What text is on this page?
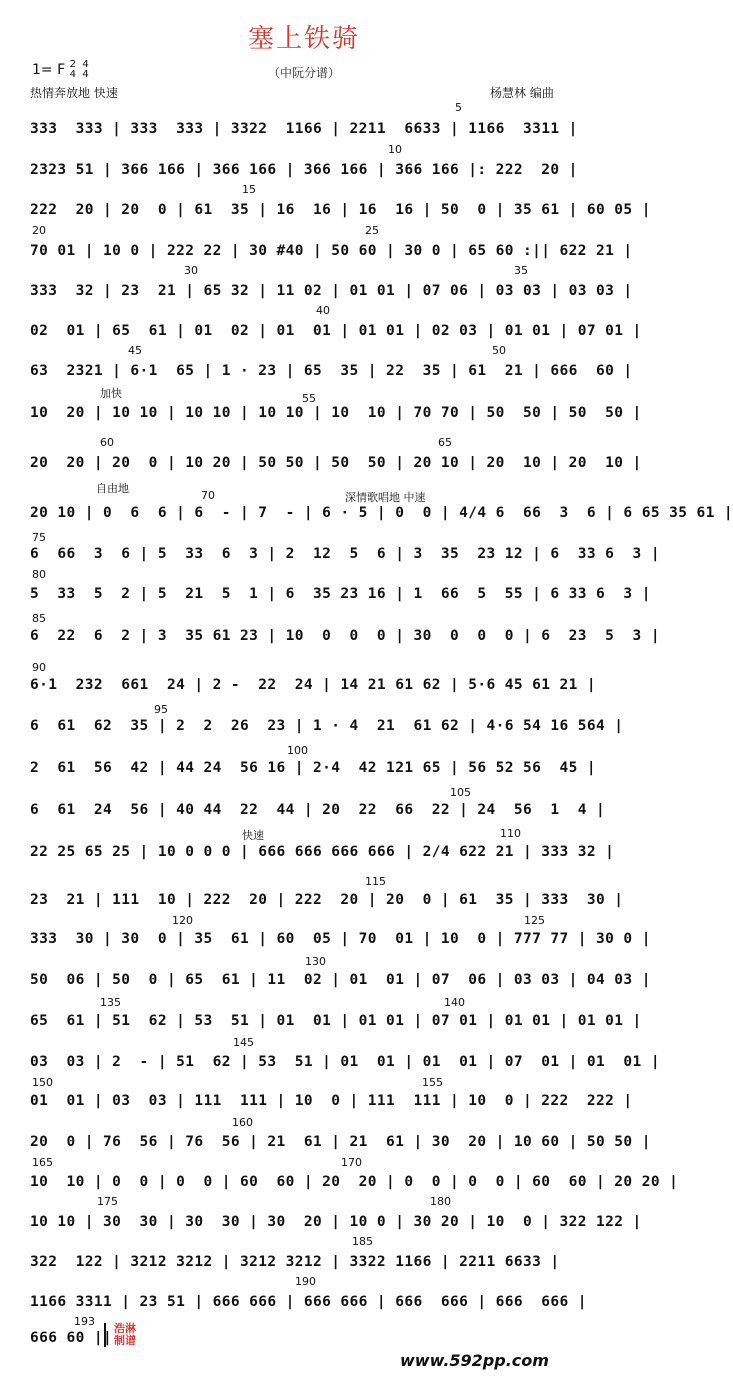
塞上铁骑
（中阮分谱）
1= F 2
4

4
4
热情奔放地 快速	杨慧林 编曲
333  333 | 333  333 | 3322  1166 | 2211  6633 | 1166  3311 |
2323 51 | 366 166 | 366 166 | 366 166 | 366 166 |: 222  20 |
222  20 | 20  0 | 61  35 | 16  16 | 16  16 | 50  0 | 35 61 | 60 05 |
70 01 | 10 0 | 222 22 | 30 #40 | 50 60 | 30 0 | 65 60 :|| 622 21 |
333  32 | 23  21 | 65 32 | 11 02 | 01 01 | 07 06 | 03 03 | 03 03 |
02  01 | 65  61 | 01  02 | 01  01 | 01 01 | 02 03 | 01 01 | 07 01 |
63  2321 | 6·1  65 | 1 · 23 | 65  35 | 22  35 | 61  21 | 666  60 |
10  20 | 10 10 | 10 10 | 10 10 | 10  10 | 70 70 | 50  50 | 50  50 |
20  20 | 20  0 | 10 20 | 50 50 | 50  50 | 20 10 | 20  10 | 20  10 |
20 10 | 0  6  6 | 6  - | 7  - | 6 · 5 | 0  0 | 4/4 6  66  3  6 | 6 65 35 61 |
6  66  3  6 | 5  33  6  3 | 2  12  5  6 | 3  35  23 12 | 6  33 6  3 |
5  33  5  2 | 5  21  5  1 | 6  35 23 16 | 1  66  5  55 | 6 33 6  3 |
6  22  6  2 | 3  35 61 23 | 10  0  0  0 | 30  0  0  0 | 6  23  5  3 |
6·1  232  661  24 | 2 -  22  24 | 14 21 61 62 | 5·6 45 61 21 |
6  61  62  35 | 2  2  26  23 | 1 · 4  21  61 62 | 4·6 54 16 564 |
2  61  56  42 | 44 24  56 16 | 2·4  42 121 65 | 56 52 56  45 |
6  61  24  56 | 40 44  22  44 | 20  22  66  22 | 24  56  1  4 |
22 25 65 25 | 10 0 0 0 | 666 666 666 666 | 2/4 622 21 | 333 32 |
23  21 | 111  10 | 222  20 | 222  20 | 20  0 | 61  35 | 333  30 |
333  30 | 30  0 | 35  61 | 60  05 | 70  01 | 10  0 | 777 77 | 30 0 |
50  06 | 50  0 | 65  61 | 11  02 | 01  01 | 07  06 | 03 03 | 04 03 |
65  61 | 51  62 | 53  51 | 01  01 | 01 01 | 07 01 | 01 01 | 01 01 |
03  03 | 2  - | 51  62 | 53  51 | 01  01 | 01  01 | 07  01 | 01  01 |
01  01 | 03  03 | 111  111 | 10  0 | 111  111 | 10  0 | 222  222 |
20  0 | 76  56 | 76  56 | 21  61 | 21  61 | 30  20 | 10 60 | 50 50 |
10  10 | 0  0 | 0  0 | 60  60 | 20  20 | 0  0 | 0  0 | 60  60 | 20 20 |
10 10 | 30  30 | 30  30 | 30  20 | 10 0 | 30 20 | 10  0 | 322 122 |
322  122 | 3212 3212 | 3212 3212 | 3322 1166 | 2211 6633 |
1166 3311 | 23 51 | 666 666 | 666 666 | 666  666 | 666  666 |
666 60 ||
5
10
15
20	25
30	35
40
45	50
55
60	65
70
75
80
85
90
95
100
105
110
115
120	125
130
135	140
145
150	155
160
165	170
175	180
185
190
193
加快
自由地
深情歌唱地 中速
快速
浩淋制谱
www.592pp.com
